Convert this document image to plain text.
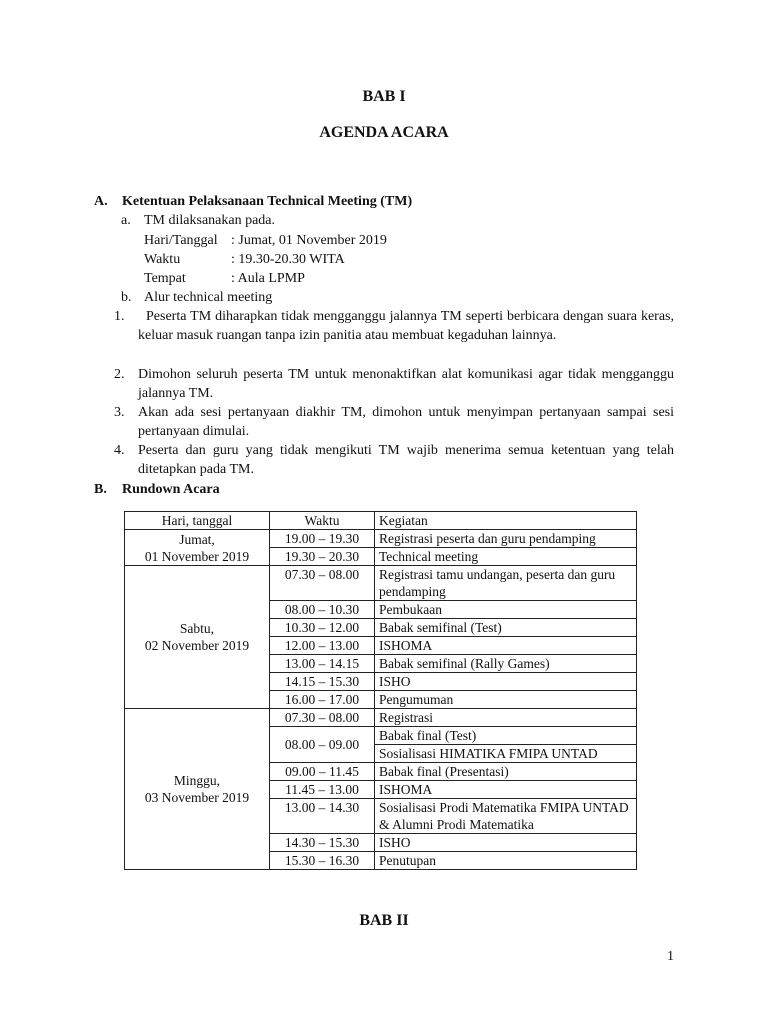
BAB I
AGENDA ACARA
A. Ketentuan Pelaksanaan Technical Meeting (TM)
a. TM dilaksanakan pada.
Hari/Tanggal : Jumat, 01 November 2019
Waktu	: 19.30-20.30 WITA
Tempat	: Aula LPMP
b. Alur technical meeting
1.	Peserta TM diharapkan tidak mengganggu jalannya TM seperti berbicara dengan suara keras, keluar masuk ruangan tanpa izin panitia atau membuat kegaduhan lainnya.
2. Dimohon seluruh peserta TM untuk menonaktifkan alat komunikasi agar tidak mengganggu jalannya TM.
3. Akan ada sesi pertanyaan diakhir TM, dimohon untuk menyimpan pertanyaan sampai sesi pertanyaan dimulai.
4. Peserta dan guru yang tidak mengikuti TM wajib menerima semua ketentuan yang telah ditetapkan pada TM.
B. Rundown Acara
Hari, tanggal	Waktu	Kegiatan

Jumat,
01 November 2019	19.00 – 19.30	Registrasi peserta dan guru pendamping
	19.30 – 20.30	Technical meeting

Sabtu,
02 November 2019	07.30 – 08.00	Registrasi tamu undangan, peserta dan guru pendamping
	08.00 – 10.30	Pembukaan
	10.30 – 12.00	Babak semifinal (Test)
	12.00 – 13.00	ISHOMA
	13.00 – 14.15	Babak semifinal (Rally Games)
	14.15 – 15.30	ISHO
	16.00 – 17.00	Pengumuman

Minggu,
03 November 2019	07.30 – 08.00	Registrasi
	08.00 – 09.00	Babak final (Test)
		Sosialisasi HIMATIKA FMIPA UNTAD
	09.00 – 11.45	Babak final (Presentasi)
	11.45 – 13.00	ISHOMA
	13.00 – 14.30	Sosialisasi Prodi Matematika FMIPA UNTAD & Alumni Prodi Matematika
	14.30 – 15.30	ISHO
	15.30 – 16.30	Penutupan
BAB II
1
